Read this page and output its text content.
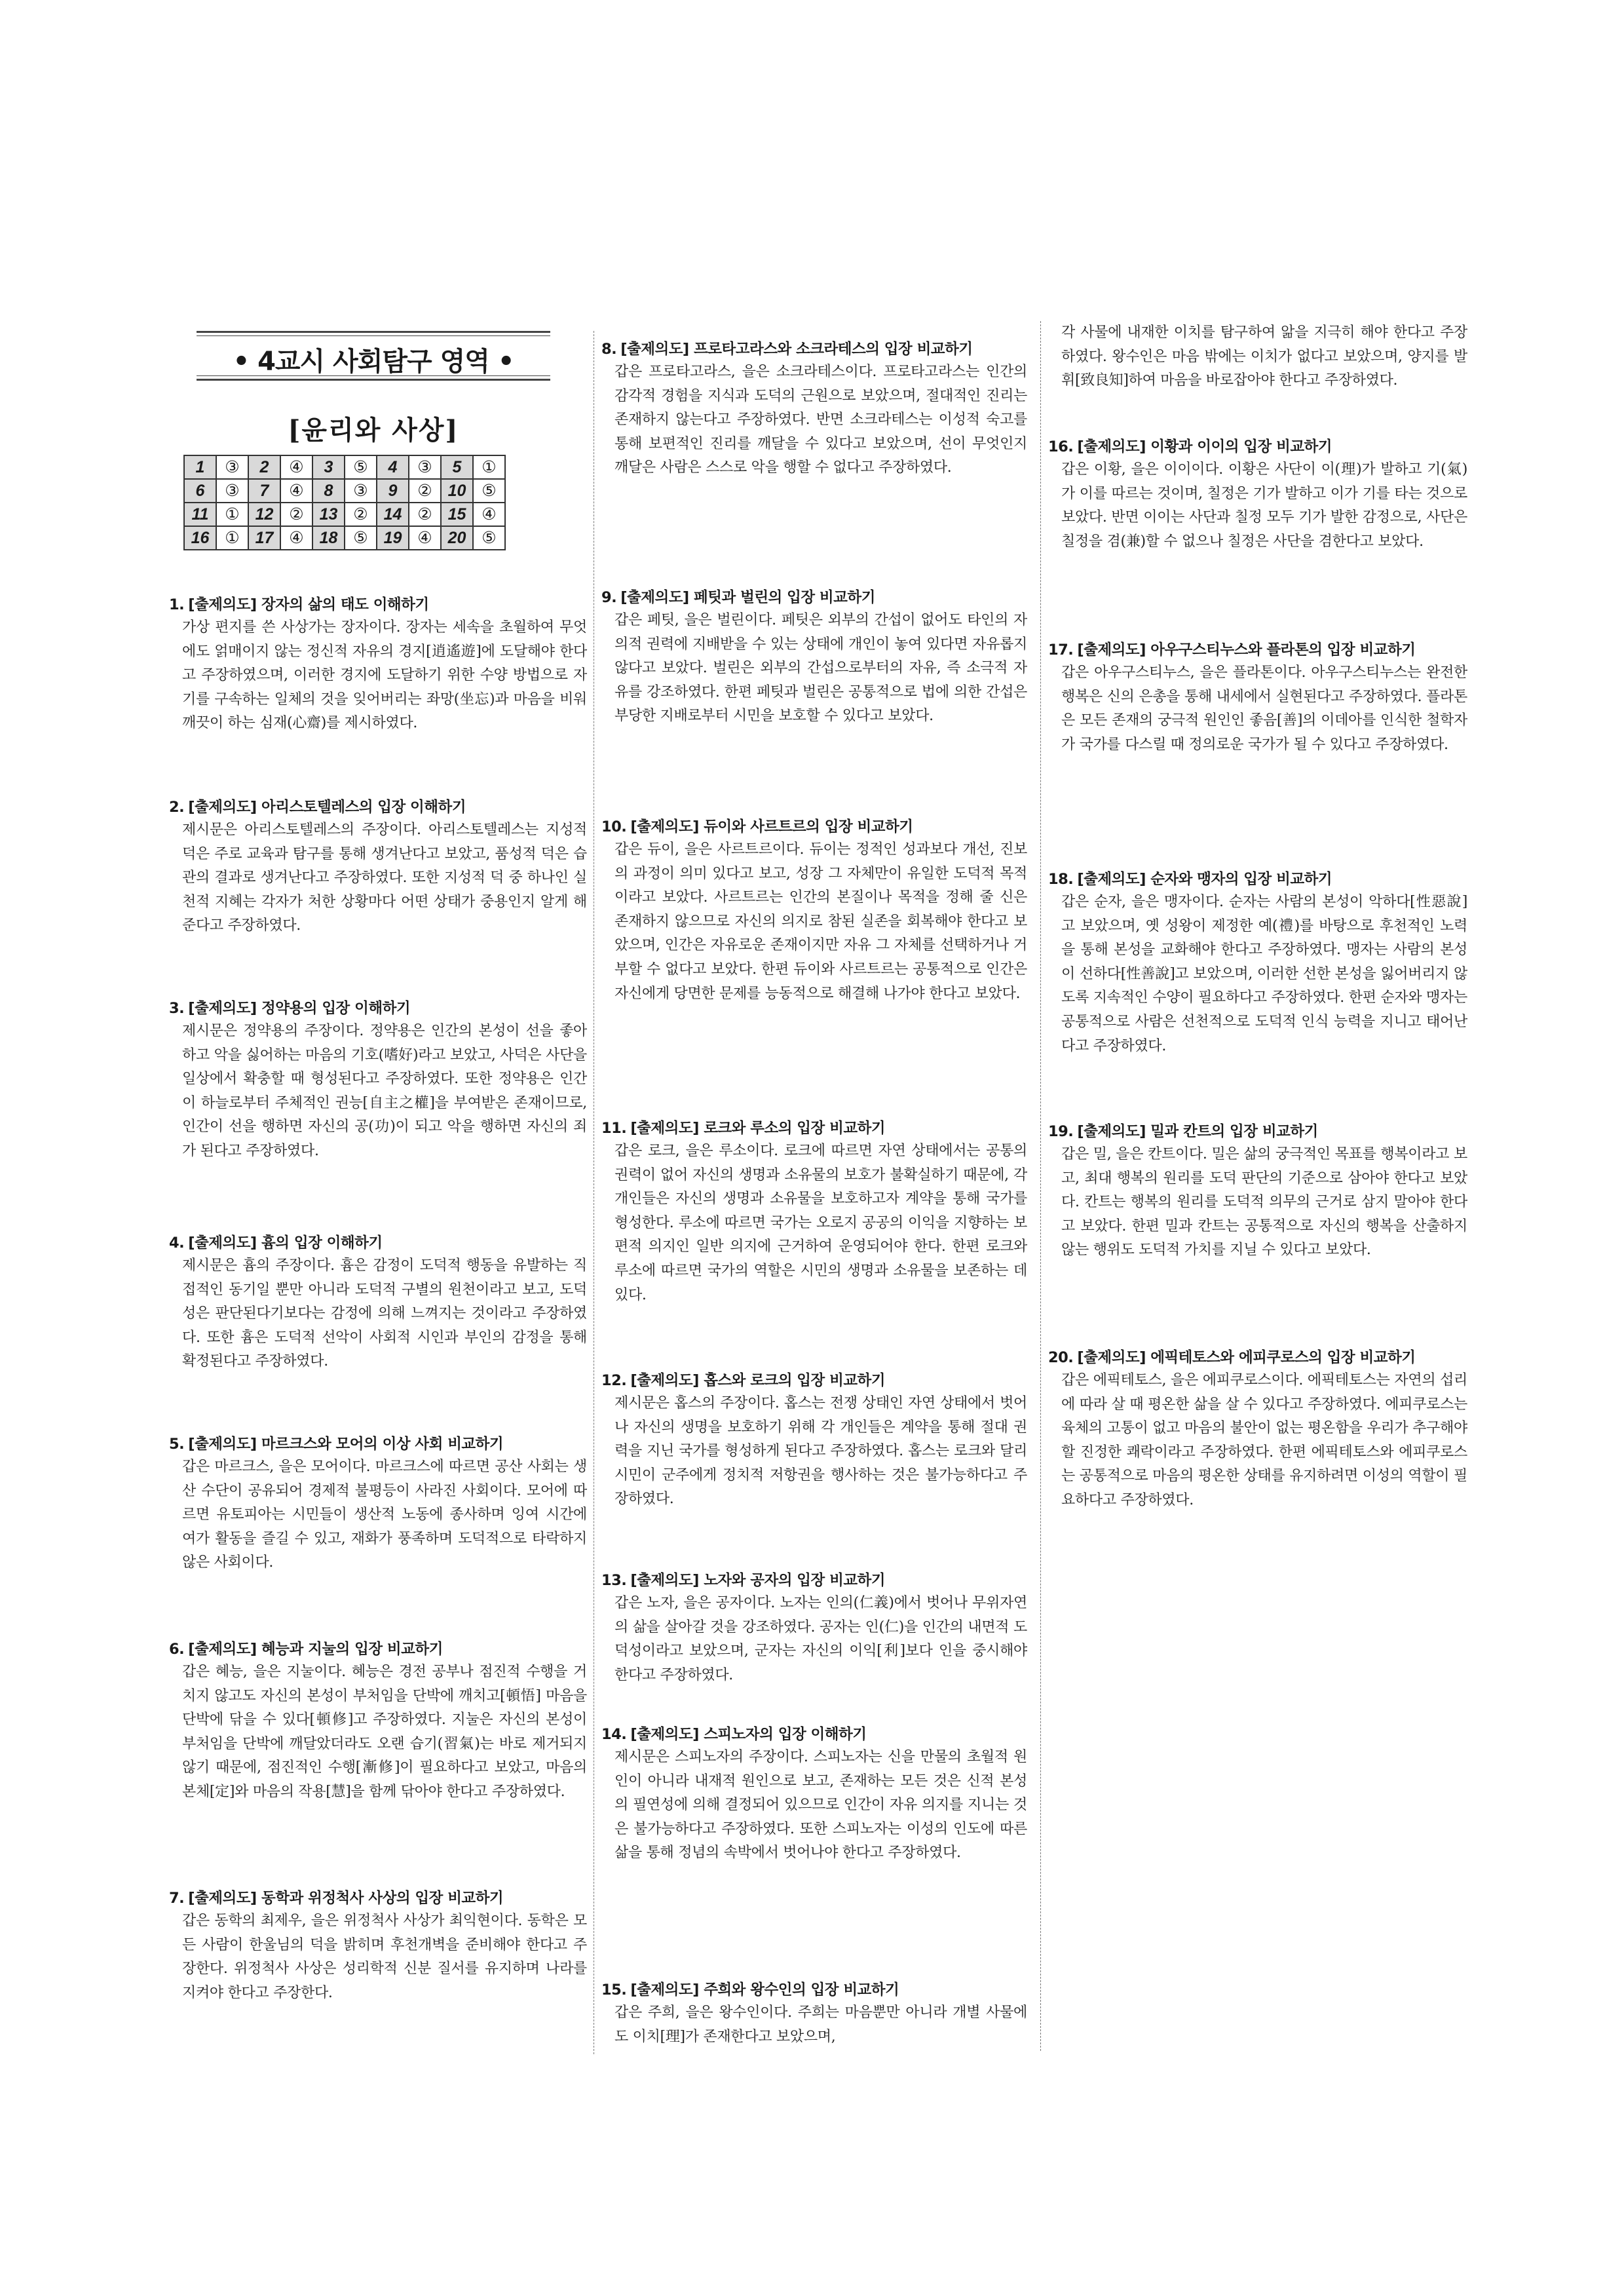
• 4교시 사회탐구 영역 •
[윤리와 사상]
1	③	2	④	3	⑤	4	③	5	①
6	③	7	④	8	③	9	②	10	⑤
11	①	12	②	13	②	14	②	15	④
16	①	17	④	18	⑤	19	④	20	⑤
1. [출제의도] 장자의 삶의 태도 이해하기
가상 편지를 쓴 사상가는 장자이다. 장자는 세속을 초월하여 무엇에도 얽매이지 않는 정신적 자유의 경지[逍遙遊]에 도달해야 한다고 주장하였으며, 이러한 경지에 도달하기 위한 수양 방법으로 자기를 구속하는 일체의 것을 잊어버리는 좌망(坐忘)과 마음을 비워 깨끗이 하는 심재(心齋)를 제시하였다.
2. [출제의도] 아리스토텔레스의 입장 이해하기
제시문은 아리스토텔레스의 주장이다. 아리스토텔레스는 지성적 덕은 주로 교육과 탐구를 통해 생겨난다고 보았고, 품성적 덕은 습관의 결과로 생겨난다고 주장하였다. 또한 지성적 덕 중 하나인 실천적 지혜는 각자가 처한 상황마다 어떤 상태가 중용인지 알게 해준다고 주장하였다.
3. [출제의도] 정약용의 입장 이해하기
제시문은 정약용의 주장이다. 정약용은 인간의 본성이 선을 좋아하고 악을 싫어하는 마음의 기호(嗜好)라고 보았고, 사덕은 사단을 일상에서 확충할 때 형성된다고 주장하였다. 또한 정약용은 인간이 하늘로부터 주체적인 권능[自主之權]을 부여받은 존재이므로, 인간이 선을 행하면 자신의 공(功)이 되고 악을 행하면 자신의 죄가 된다고 주장하였다.
4. [출제의도] 흄의 입장 이해하기
제시문은 흄의 주장이다. 흄은 감정이 도덕적 행동을 유발하는 직접적인 동기일 뿐만 아니라 도덕적 구별의 원천이라고 보고, 도덕성은 판단된다기보다는 감정에 의해 느껴지는 것이라고 주장하였다. 또한 흄은 도덕적 선악이 사회적 시인과 부인의 감정을 통해 확정된다고 주장하였다.
5. [출제의도] 마르크스와 모어의 이상 사회 비교하기
갑은 마르크스, 을은 모어이다. 마르크스에 따르면 공산 사회는 생산 수단이 공유되어 경제적 불평등이 사라진 사회이다. 모어에 따르면 유토피아는 시민들이 생산적 노동에 종사하며 잉여 시간에 여가 활동을 즐길 수 있고, 재화가 풍족하며 도덕적으로 타락하지 않은 사회이다.
6. [출제의도] 혜능과 지눌의 입장 비교하기
갑은 혜능, 을은 지눌이다. 혜능은 경전 공부나 점진적 수행을 거치지 않고도 자신의 본성이 부처임을 단박에 깨치고[頓悟] 마음을 단박에 닦을 수 있다[頓修]고 주장하였다. 지눌은 자신의 본성이 부처임을 단박에 깨달았더라도 오랜 습기(習氣)는 바로 제거되지 않기 때문에, 점진적인 수행[漸修]이 필요하다고 보았고, 마음의 본체[定]와 마음의 작용[慧]을 함께 닦아야 한다고 주장하였다.
7. [출제의도] 동학과 위정척사 사상의 입장 비교하기
갑은 동학의 최제우, 을은 위정척사 사상가 최익현이다. 동학은 모든 사람이 한울님의 덕을 밝히며 후천개벽을 준비해야 한다고 주장한다. 위정척사 사상은 성리학적 신분 질서를 유지하며 나라를 지켜야 한다고 주장한다.
8. [출제의도] 프로타고라스와 소크라테스의 입장 비교하기
갑은 프로타고라스, 을은 소크라테스이다. 프로타고라스는 인간의 감각적 경험을 지식과 도덕의 근원으로 보았으며, 절대적인 진리는 존재하지 않는다고 주장하였다. 반면 소크라테스는 이성적 숙고를 통해 보편적인 진리를 깨달을 수 있다고 보았으며, 선이 무엇인지 깨달은 사람은 스스로 악을 행할 수 없다고 주장하였다.
9. [출제의도] 페팃과 벌린의 입장 비교하기
갑은 페팃, 을은 벌린이다. 페팃은 외부의 간섭이 없어도 타인의 자의적 권력에 지배받을 수 있는 상태에 개인이 놓여 있다면 자유롭지 않다고 보았다. 벌린은 외부의 간섭으로부터의 자유, 즉 소극적 자유를 강조하였다. 한편 페팃과 벌린은 공통적으로 법에 의한 간섭은 부당한 지배로부터 시민을 보호할 수 있다고 보았다.
10. [출제의도] 듀이와 사르트르의 입장 비교하기
갑은 듀이, 을은 사르트르이다. 듀이는 정적인 성과보다 개선, 진보의 과정이 의미 있다고 보고, 성장 그 자체만이 유일한 도덕적 목적이라고 보았다. 사르트르는 인간의 본질이나 목적을 정해 줄 신은 존재하지 않으므로 자신의 의지로 참된 실존을 회복해야 한다고 보았으며, 인간은 자유로운 존재이지만 자유 그 자체를 선택하거나 거부할 수 없다고 보았다. 한편 듀이와 사르트르는 공통적으로 인간은 자신에게 당면한 문제를 능동적으로 해결해 나가야 한다고 보았다.
11. [출제의도] 로크와 루소의 입장 비교하기
갑은 로크, 을은 루소이다. 로크에 따르면 자연 상태에서는 공통의 권력이 없어 자신의 생명과 소유물의 보호가 불확실하기 때문에, 각 개인들은 자신의 생명과 소유물을 보호하고자 계약을 통해 국가를 형성한다. 루소에 따르면 국가는 오로지 공공의 이익을 지향하는 보편적 의지인 일반 의지에 근거하여 운영되어야 한다. 한편 로크와 루소에 따르면 국가의 역할은 시민의 생명과 소유물을 보존하는 데 있다.
12. [출제의도] 홉스와 로크의 입장 비교하기
제시문은 홉스의 주장이다. 홉스는 전쟁 상태인 자연 상태에서 벗어나 자신의 생명을 보호하기 위해 각 개인들은 계약을 통해 절대 권력을 지닌 국가를 형성하게 된다고 주장하였다. 홉스는 로크와 달리 시민이 군주에게 정치적 저항권을 행사하는 것은 불가능하다고 주장하였다.
13. [출제의도] 노자와 공자의 입장 비교하기
갑은 노자, 을은 공자이다. 노자는 인의(仁義)에서 벗어나 무위자연의 삶을 살아갈 것을 강조하였다. 공자는 인(仁)을 인간의 내면적 도덕성이라고 보았으며, 군자는 자신의 이익[利]보다 인을 중시해야 한다고 주장하였다.
14. [출제의도] 스피노자의 입장 이해하기
제시문은 스피노자의 주장이다. 스피노자는 신을 만물의 초월적 원인이 아니라 내재적 원인으로 보고, 존재하는 모든 것은 신적 본성의 필연성에 의해 결정되어 있으므로 인간이 자유 의지를 지니는 것은 불가능하다고 주장하였다. 또한 스피노자는 이성의 인도에 따른 삶을 통해 정념의 속박에서 벗어나야 한다고 주장하였다.
15. [출제의도] 주희와 왕수인의 입장 비교하기
갑은 주희, 을은 왕수인이다. 주희는 마음뿐만 아니라 개별 사물에도 이치[理]가 존재한다고 보았으며,
각 사물에 내재한 이치를 탐구하여 앎을 지극히 해야 한다고 주장하였다. 왕수인은 마음 밖에는 이치가 없다고 보았으며, 양지를 발휘[致良知]하여 마음을 바로잡아야 한다고 주장하였다.
16. [출제의도] 이황과 이이의 입장 비교하기
갑은 이황, 을은 이이이다. 이황은 사단이 이(理)가 발하고 기(氣)가 이를 따르는 것이며, 칠정은 기가 발하고 이가 기를 타는 것으로 보았다. 반면 이이는 사단과 칠정 모두 기가 발한 감정으로, 사단은 칠정을 겸(兼)할 수 없으나 칠정은 사단을 겸한다고 보았다.
17. [출제의도] 아우구스티누스와 플라톤의 입장 비교하기
갑은 아우구스티누스, 을은 플라톤이다. 아우구스티누스는 완전한 행복은 신의 은총을 통해 내세에서 실현된다고 주장하였다. 플라톤은 모든 존재의 궁극적 원인인 좋음[善]의 이데아를 인식한 철학자가 국가를 다스릴 때 정의로운 국가가 될 수 있다고 주장하였다.
18. [출제의도] 순자와 맹자의 입장 비교하기
갑은 순자, 을은 맹자이다. 순자는 사람의 본성이 악하다[性惡說]고 보았으며, 옛 성왕이 제정한 예(禮)를 바탕으로 후천적인 노력을 통해 본성을 교화해야 한다고 주장하였다. 맹자는 사람의 본성이 선하다[性善說]고 보았으며, 이러한 선한 본성을 잃어버리지 않도록 지속적인 수양이 필요하다고 주장하였다. 한편 순자와 맹자는 공통적으로 사람은 선천적으로 도덕적 인식 능력을 지니고 태어난다고 주장하였다.
19. [출제의도] 밀과 칸트의 입장 비교하기
갑은 밀, 을은 칸트이다. 밀은 삶의 궁극적인 목표를 행복이라고 보고, 최대 행복의 원리를 도덕 판단의 기준으로 삼아야 한다고 보았다. 칸트는 행복의 원리를 도덕적 의무의 근거로 삼지 말아야 한다고 보았다. 한편 밀과 칸트는 공통적으로 자신의 행복을 산출하지 않는 행위도 도덕적 가치를 지닐 수 있다고 보았다.
20. [출제의도] 에픽테토스와 에피쿠로스의 입장 비교하기
갑은 에픽테토스, 을은 에피쿠로스이다. 에픽테토스는 자연의 섭리에 따라 살 때 평온한 삶을 살 수 있다고 주장하였다. 에피쿠로스는 육체의 고통이 없고 마음의 불안이 없는 평온함을 우리가 추구해야 할 진정한 쾌락이라고 주장하였다. 한편 에픽테토스와 에피쿠로스는 공통적으로 마음의 평온한 상태를 유지하려면 이성의 역할이 필요하다고 주장하였다.
